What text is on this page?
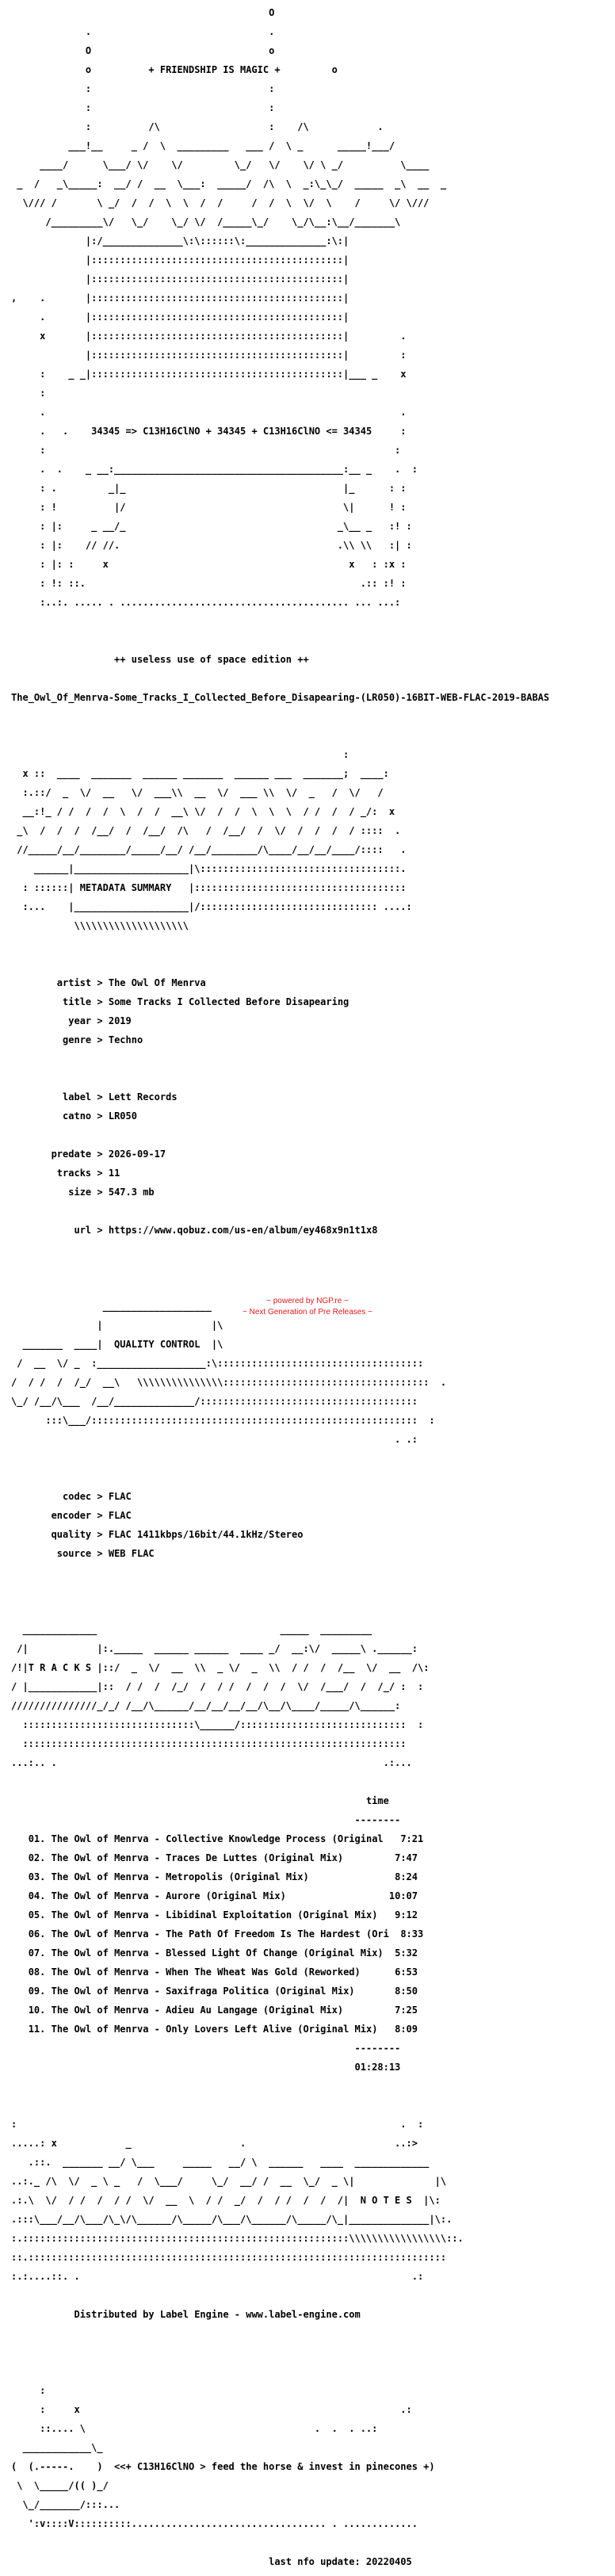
O

.                               .

O                               o

o          + FRIENDSHIP IS MAGIC +         o

:                               :

:                               :

:          /\                   :    /\            .

___!__     _ /  \  _________   ___ /  \ _      _____!___/

____/      \___/ \/    \/         \_/   \/    \/ \ _/          \____

_  /   _\_____:  __/ /  __  \___:  _____/  /\  \  _:\_\_/  _____  _\  __  _

\/// /       \ _/  /  /  \  \  /  /     /  /  \  \/  \    /     \/ \///

/_________\/   \_/    \_/ \/  /_____\_/    \_/\__:\__/_______\

|:/______________\:\::::::\:______________:\:|

|::::::::::::::::::::::::::::::::::::::::::::|

|::::::::::::::::::::::::::::::::::::::::::::|

,    .       |::::::::::::::::::::::::::::::::::::::::::::|

.       |::::::::::::::::::::::::::::::::::::::::::::|

x       |::::::::::::::::::::::::::::::::::::::::::::|         .

|::::::::::::::::::::::::::::::::::::::::::::|         :

:    _ _|::::::::::::::::::::::::::::::::::::::::::::|___ _    x

:

.                                                              .

.   .    34345 => C13H16ClNO + 34345 + C13H16ClNO <= 34345     :

:                                                             :

.  .    _ __:________________________________________:__ _    .  :

: .         _|_                                      |_      : :

: !          |/                                      \|      ! :

: |:     _ __/_                                     _\__ _   :! :

: |:    // //.                                      .\\ \\   :| :

: |: :     x                                          x   : :x :

: !: ::.                                                .:: :! :

:..:. ..... . ........................................ ... ...:

++ useless use of space edition ++

The_Owl_Of_Menrva-Some_Tracks_I_Collected_Before_Disapearing-(LR050)-16BIT-WEB-FLAC-2019-BABAS

:

x ::  ____  _______  ______ _______  ______ ___  _______;  ____:

:.::/  _  \/  __   \/  ___\\  __  \/  ___ \\  \/  _   /  \/   /

__:!_ / /  /  /  \  /  /  __\ \/  /  /  \  \  \  / /  /  / _/:  x

_\  /  /  /  /__/  /  /__/  /\   /  /__/  /  \/  /  /  /  / ::::  .

//_____/__/________/_____/__/ /__/________/\____/__/__/____/::::   .

______|____________________|\:::::::::::::::::::::::::::::::::::.

: ::::::| METADATA SUMMARY   |:::::::::::::::::::::::::::::::::::::

:...    |____________________|/::::::::::::::::::::::::::::::: ....:

\\\\\\\\\\\\\\\\\\\\

artist > The Owl Of Menrva

title > Some Tracks I Collected Before Disapearing

year > 2019

genre > Techno

label > Lett Records

catno > LR050

predate > 2026-09-17

tracks > 11

size > 547.3 mb

url > https://www.qobuz.com/us-en/album/ey468x9n1t1x8

___________________

|                   |\

_______  ____|  QUALITY CONTROL  |\

/  __  \/ _  :___________________:\::::::::::::::::::::::::::::::::::::

/  / /  /  /_/  __\   \\\\\\\\\\\\\\\::::::::::::::::::::::::::::::::::::  .

\_/ /__/\___  /__/______________/::::::::::::::::::::::::::::::::::::::

:::\___/:::::::::::::::::::::::::::::::::::::::::::::::::::::::::  :

. .:

codec > FLAC

encoder > FLAC

quality > FLAC 1411kbps/16bit/44.1kHz/Stereo

source > WEB FLAC

_____________                                _____  _________

/|            |:._____  ______ ______  ____ _/  __:\/  _____\ .______:

/!|T R A C K S |::/  _  \/  __  \\  _ \/  _  \\  / /  /  /__  \/  __  /\:

/ |____________|::  / /  /  /_/  /  / /  /  /  /  \/  /___/  /  /_/ :  :

///////////////_/_/ /__/\______/__/__/__/__/\__/\____/_____/\______:

::::::::::::::::::::::::::::::\______/:::::::::::::::::::::::::::::  :

:::::::::::::::::::::::::::::::::::::::::::::::::::::::::::::::::::

...:.. .                                                         .:...

time

--------

01. The Owl of Menrva - Collective Knowledge Process (Original 7:21

02. The Owl of Menrva - Traces De Luttes (Original Mix)	7:47

03. The Owl of Menrva - Metropolis (Original Mix)	8:24

04. The Owl of Menrva - Aurore (Original Mix)	10:07

05. The Owl of Menrva - Libidinal Exploitation (Original Mix) 9:12

06. The Owl of Menrva - The Path Of Freedom Is The Hardest (Ori 8:33

07. The Owl of Menrva - Blessed Light Of Change (Original Mix) 5:32

08. The Owl of Menrva - When The Wheat Was Gold (Reworked)	6:53

09. The Owl of Menrva - Saxifraga Politica (Original Mix)	8:50

10. The Owl of Menrva - Adieu Au Langage (Original Mix)	7:25

11. The Owl of Menrva - Only Lovers Left Alive (Original Mix) 8:09

--------

01:28:13

:                                                                   .  :

.....: x            _                   .                          ..:>

.::.  _______ __/ \___     _____   __/ \  ______   ____  _____________

..:._ /\  \/  _ \ _   /  \___/     \_/  __/ /  __  \_/  _ \|              |\

.:.\  \/  / /  /  / /  \/  __  \  / /  _/  /  / /  /  /  /|  N O T E S  |\:

.:::\___/__/\___/\_\/\______/\_____/\___/\______/\_____/\_|______________|\:.

:.:::::::::::::::::::::::::::::::::::::::::::::::::::::::::\\\\\\\\\\\\\\\\\::.

::.:::::::::::::::::::::::::::::::::::::::::::::::::::::::::::::::::::::::::

:.:....::. .                                                          .:

Distributed by Label Engine - www.label-engine.com

:

:     x                                                        .:

::.... \                                        .  .  . ..:

____________\_

(  (.-----.    )  <<+ C13H16ClNO > feed the horse & invest in pinecones +)

\  \_____/(( )_/

\_/_______/:::...

':v::::V::::::::::.................................. . .............

last nfo update: 20220405

~ powered by NGP.re ~
~ Next Generation of Pre Releases ~
